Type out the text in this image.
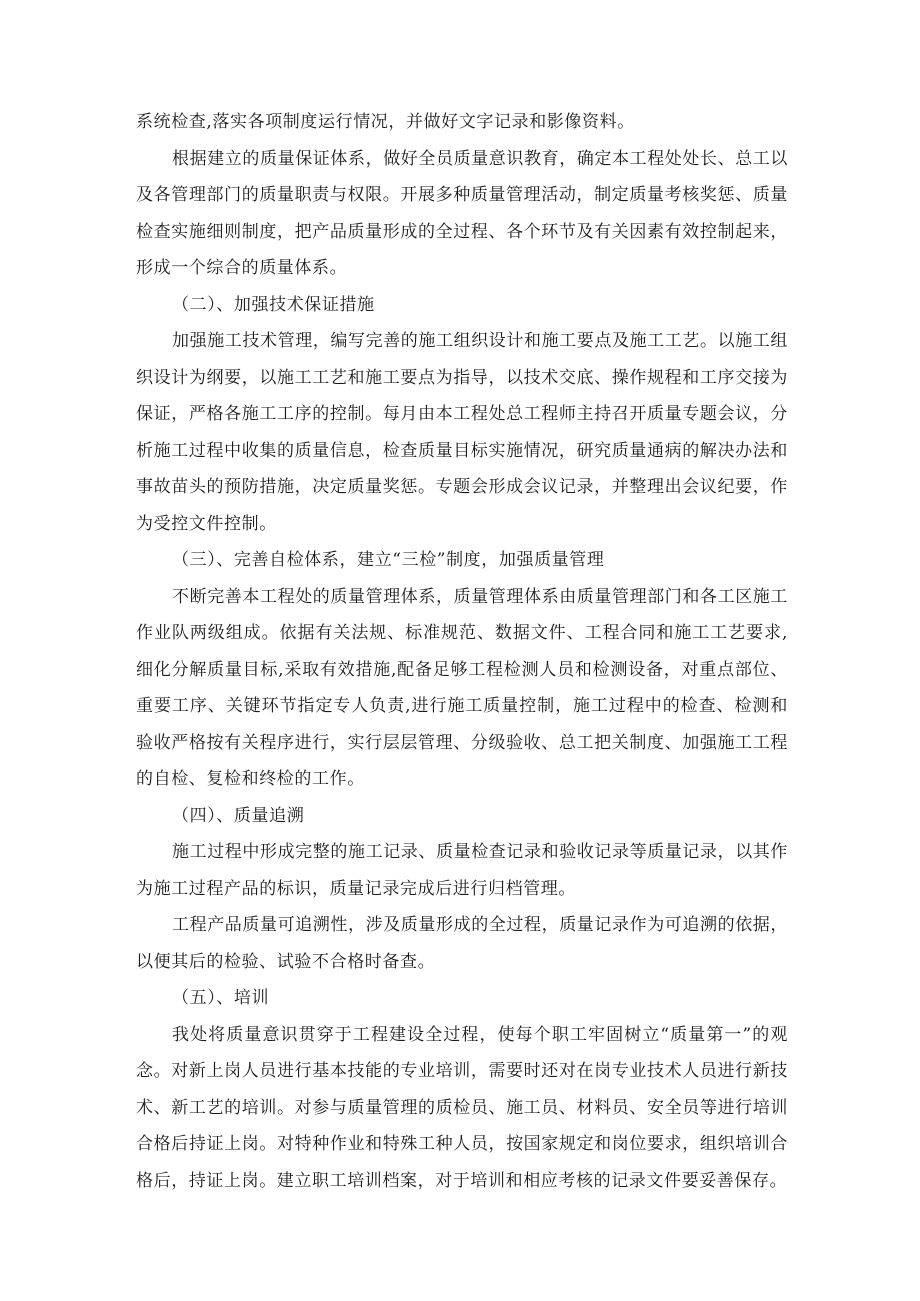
系统检查,落实各项制度运行情况，并做好文字记录和影像资料。

根据建立的质量保证体系，做好全员质量意识教育，确定本工程处处长、总工以及各管理部门的质量职责与权限。开展多种质量管理活动，制定质量考核奖惩、质量检查实施细则制度，把产品质量形成的全过程、各个环节及有关因素有效控制起来，形成一个综合的质量体系。

（二）、加强技术保证措施

加强施工技术管理，编写完善的施工组织设计和施工要点及施工工艺。以施工组织设计为纲要，以施工工艺和施工要点为指导，以技术交底、操作规程和工序交接为保证，严格各施工工序的控制。每月由本工程处总工程师主持召开质量专题会议，分析施工过程中收集的质量信息，检查质量目标实施情况，研究质量通病的解决办法和事故苗头的预防措施，决定质量奖惩。专题会形成会议记录，并整理出会议纪要，作为受控文件控制。

（三）、完善自检体系，建立“三检”制度，加强质量管理

不断完善本工程处的质量管理体系，质量管理体系由质量管理部门和各工区施工作业队两级组成。依据有关法规、标准规范、数据文件、工程合同和施工工艺要求,细化分解质量目标,采取有效措施,配备足够工程检测人员和检测设备，对重点部位、重要工序、关键环节指定专人负责,进行施工质量控制，施工过程中的检查、检测和验收严格按有关程序进行，实行层层管理、分级验收、总工把关制度、加强施工工程的自检、复检和终检的工作。

（四）、质量追溯

施工过程中形成完整的施工记录、质量检查记录和验收记录等质量记录，以其作为施工过程产品的标识，质量记录完成后进行归档管理。

工程产品质量可追溯性，涉及质量形成的全过程，质量记录作为可追溯的依据，以便其后的检验、试验不合格时备查。

（五）、培训

我处将质量意识贯穿于工程建设全过程，使每个职工牢固树立“质量第一”的观念。对新上岗人员进行基本技能的专业培训，需要时还对在岗专业技术人员进行新技术、新工艺的培训。对参与质量管理的质检员、施工员、材料员、安全员等进行培训合格后持证上岗。对特种作业和特殊工种人员，按国家规定和岗位要求，组织培训合格后，持证上岗。建立职工培训档案，对于培训和相应考核的记录文件要妥善保存。
